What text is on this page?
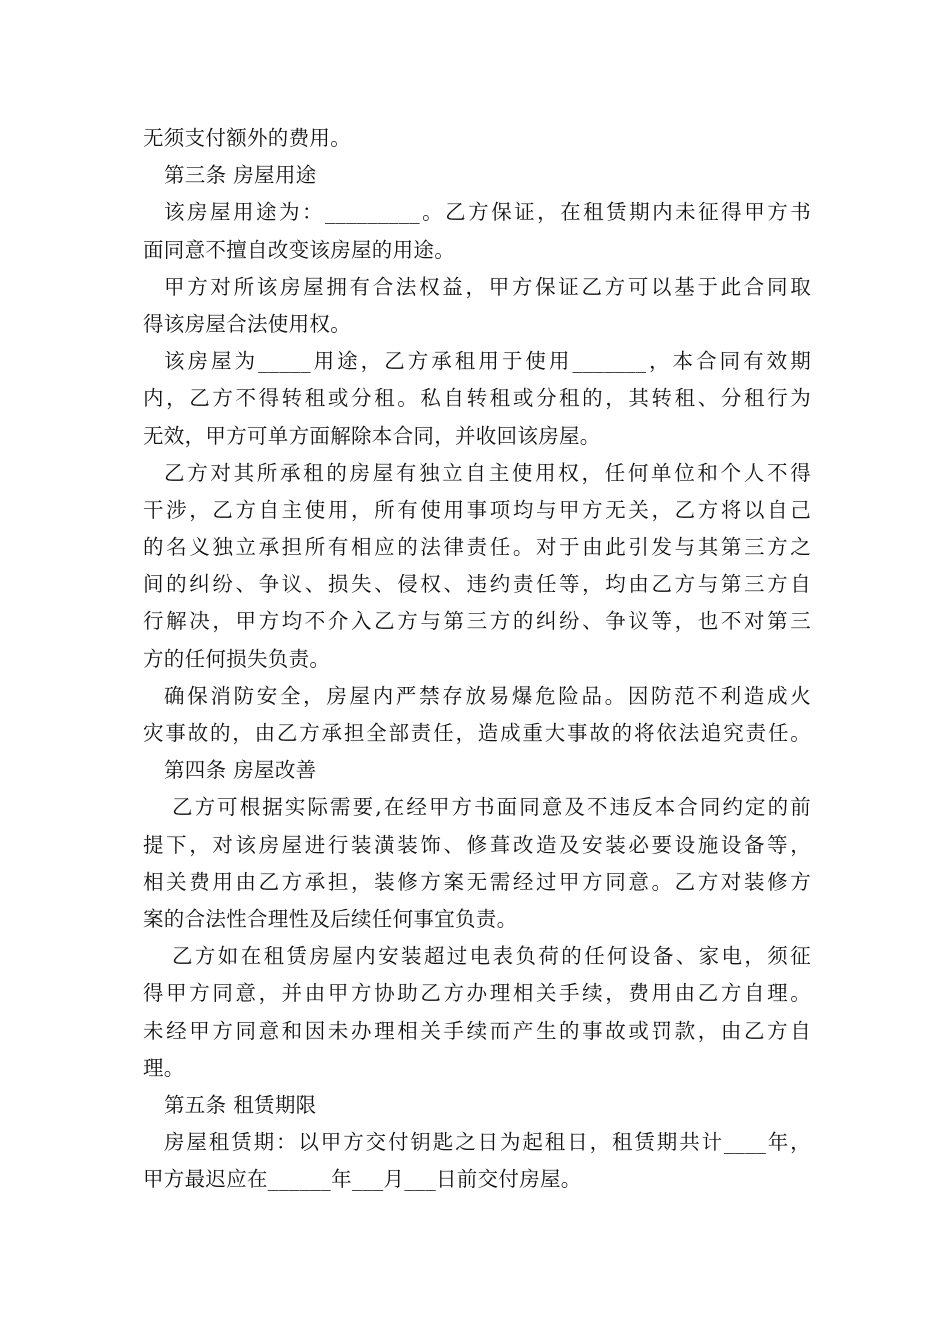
无须支付额外的费用。
第三条 房屋用途
该房屋用途为：_________。乙方保证，在租赁期内未征得甲方书
面同意不擅自改变该房屋的用途。
甲方对所该房屋拥有合法权益，甲方保证乙方可以基于此合同取
得该房屋合法使用权。
该房屋为_____用途，乙方承租用于使用_______，本合同有效期
内，乙方不得转租或分租。私自转租或分租的，其转租、分租行为
无效，甲方可单方面解除本合同，并收回该房屋。
乙方对其所承租的房屋有独立自主使用权，任何单位和个人不得
干涉，乙方自主使用，所有使用事项均与甲方无关，乙方将以自己
的名义独立承担所有相应的法律责任。对于由此引发与其第三方之
间的纠纷、争议、损失、侵权、违约责任等，均由乙方与第三方自
行解决，甲方均不介入乙方与第三方的纠纷、争议等，也不对第三
方的任何损失负责。
确保消防安全，房屋内严禁存放易爆危险品。因防范不利造成火
灾事故的，由乙方承担全部责任，造成重大事故的将依法追究责任。
第四条 房屋改善
乙方可根据实际需要,在经甲方书面同意及不违反本合同约定的前
提下，对该房屋进行装潢装饰、修葺改造及安装必要设施设备等，
相关费用由乙方承担，装修方案无需经过甲方同意。乙方对装修方
案的合法性合理性及后续任何事宜负责。
乙方如在租赁房屋内安装超过电表负荷的任何设备、家电，须征
得甲方同意，并由甲方协助乙方办理相关手续，费用由乙方自理。
未经甲方同意和因未办理相关手续而产生的事故或罚款，由乙方自
理。
第五条 租赁期限
房屋租赁期：以甲方交付钥匙之日为起租日，租赁期共计____年，
甲方最迟应在______年___月___日前交付房屋。
